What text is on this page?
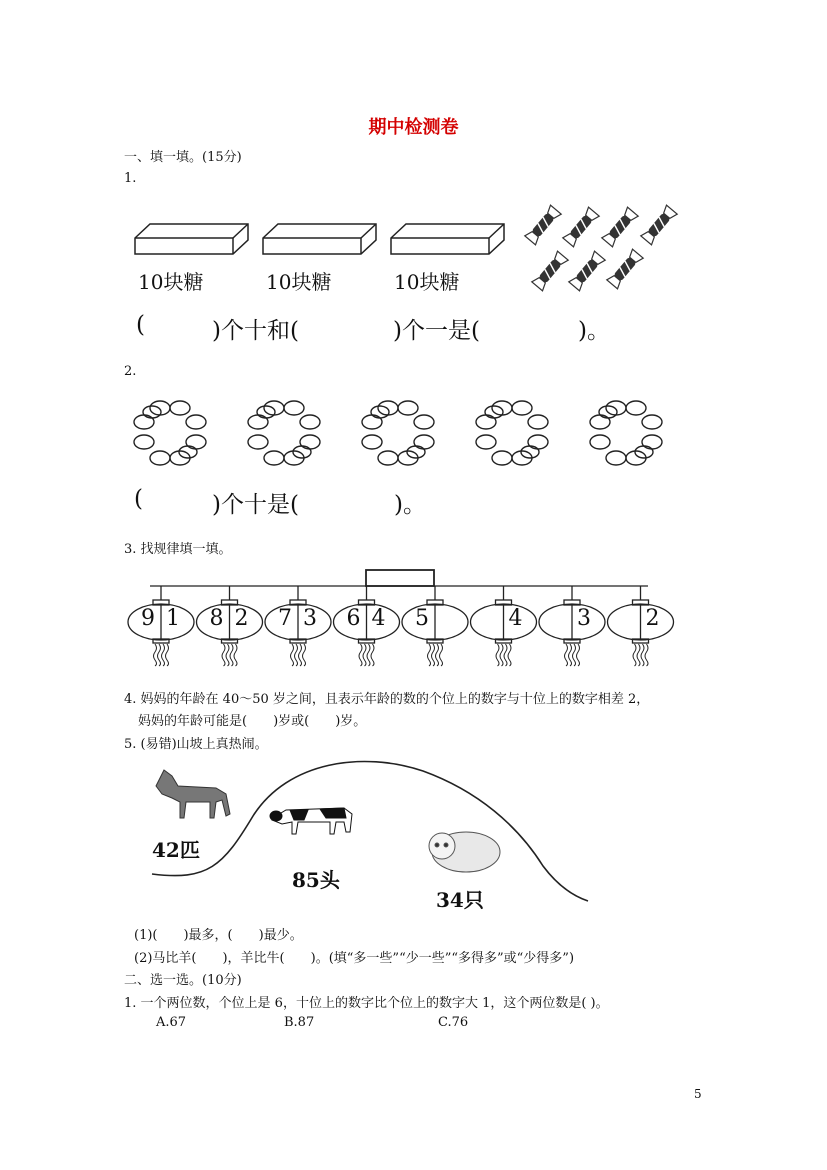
期中检测卷
一、填一填。(15分)
1.
10块糖	10块糖	10块糖
(	)个十和(	)个一是(	)。
2.
(	)个十是(	)。
3. 找规律填一填。
9 1 8 2 7 3 6 4 5	4 3 2
4. 妈妈的年龄在 40～50 岁之间，且表示年龄的数的个位上的数字与十位上的数字相差 2，
妈妈的年龄可能是(　　)岁或(　　)岁。
5. (易错)山坡上真热闹。
42匹
85头
34只
(1)(　　)最多，(　　)最少。
(2)马比羊(　　)，羊比牛(　　)。(填“多一些”“少一些”“多得多”或“少得多”)
二、选一选。(10分)
1. 一个两位数，个位上是 6，十位上的数字比个位上的数字大 1，这个两位数是( )。
A.67	B.87	C.76
5
